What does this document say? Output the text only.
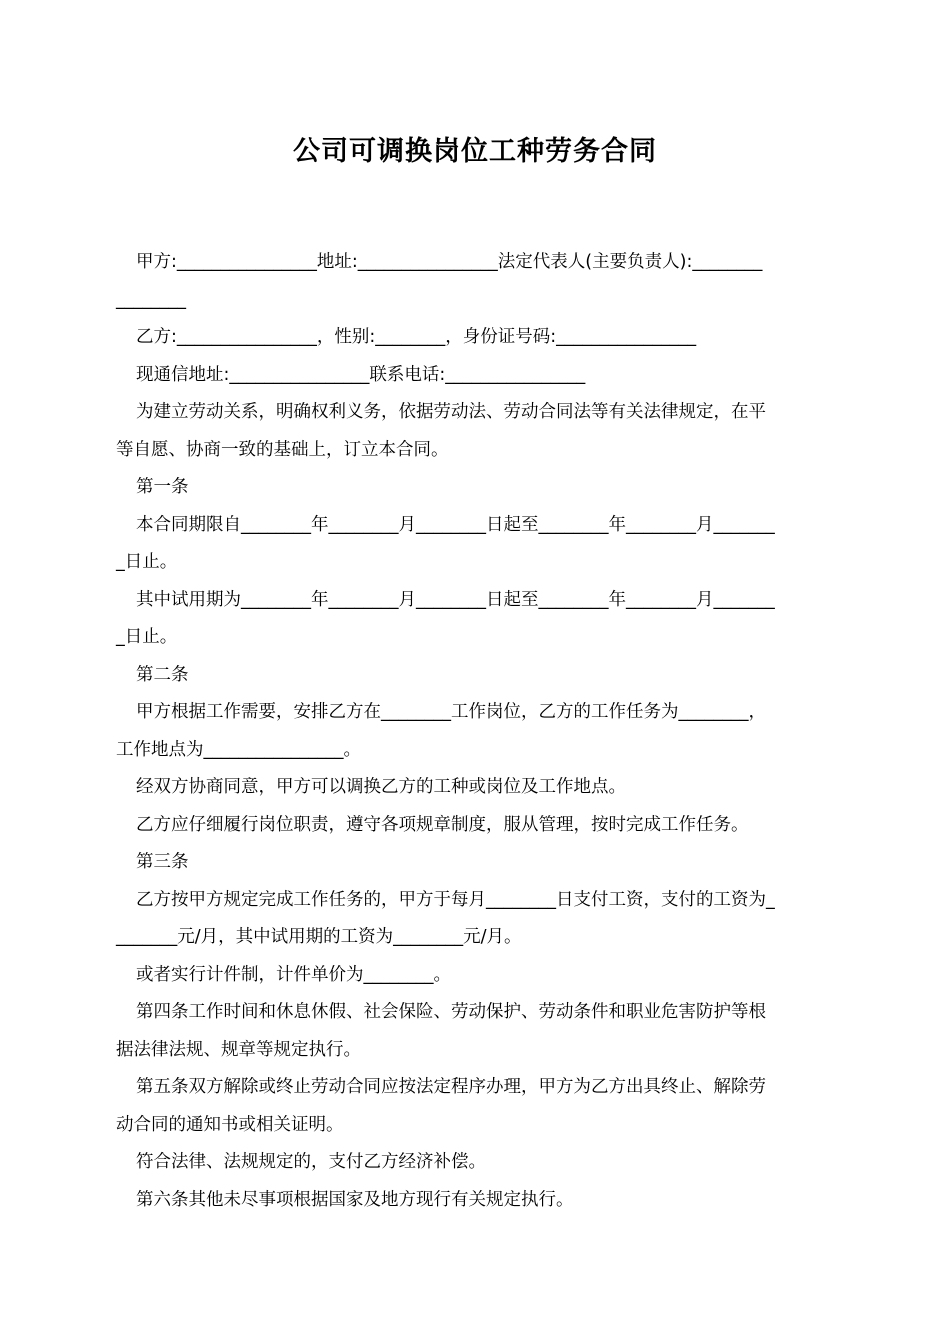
公司可调换岗位工种劳务合同

甲方:________________地址:________________法定代表人(主要负责人):________

________

乙方:________________，性别:________，身份证号码:________________

现通信地址:________________联系电话:________________

为建立劳动关系，明确权利义务，依据劳动法、劳动合同法等有关法律规定，在平

等自愿、协商一致的基础上，订立本合同。

第一条

本合同期限自________年________月________日起至________年________月_______

_日止。

其中试用期为________年________月________日起至________年________月_______

_日止。

第二条

甲方根据工作需要，安排乙方在________工作岗位，乙方的工作任务为________，

工作地点为________________。

经双方协商同意，甲方可以调换乙方的工种或岗位及工作地点。

乙方应仔细履行岗位职责，遵守各项规章制度，服从管理，按时完成工作任务。

第三条

乙方按甲方规定完成工作任务的，甲方于每月________日支付工资，支付的工资为_

_______元/月，其中试用期的工资为________元/月。

或者实行计件制，计件单价为________。

第四条工作时间和休息休假、社会保险、劳动保护、劳动条件和职业危害防护等根

据法律法规、规章等规定执行。

第五条双方解除或终止劳动合同应按法定程序办理，甲方为乙方出具终止、解除劳

动合同的通知书或相关证明。

符合法律、法规规定的，支付乙方经济补偿。

第六条其他未尽事项根据国家及地方现行有关规定执行。
